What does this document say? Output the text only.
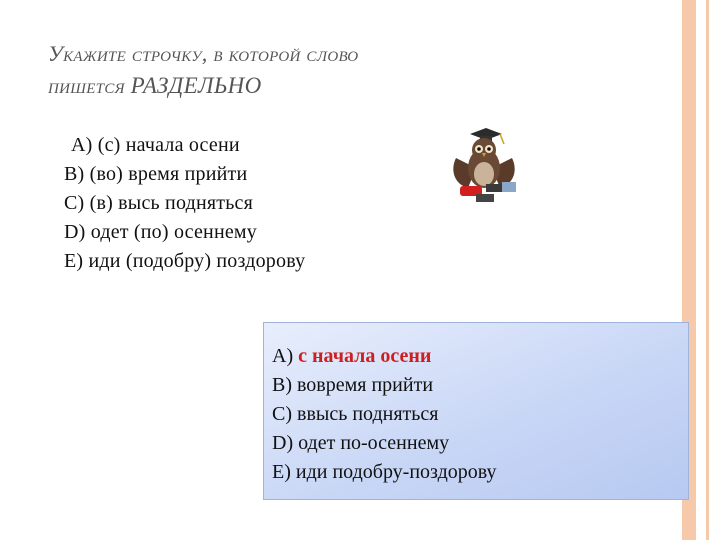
Укажите строчку, в которой слово
пишется РАЗДЕЛЬНО
A) (с) начала осени
B) (во) время прийти
C) (в) высь подняться
D) одет (по) осеннему
E) иди (подобру) поздорову
A) с начала осени
B) вовремя прийти
C) ввысь подняться
D) одет по-осеннему
E) иди подобру-поздорову
